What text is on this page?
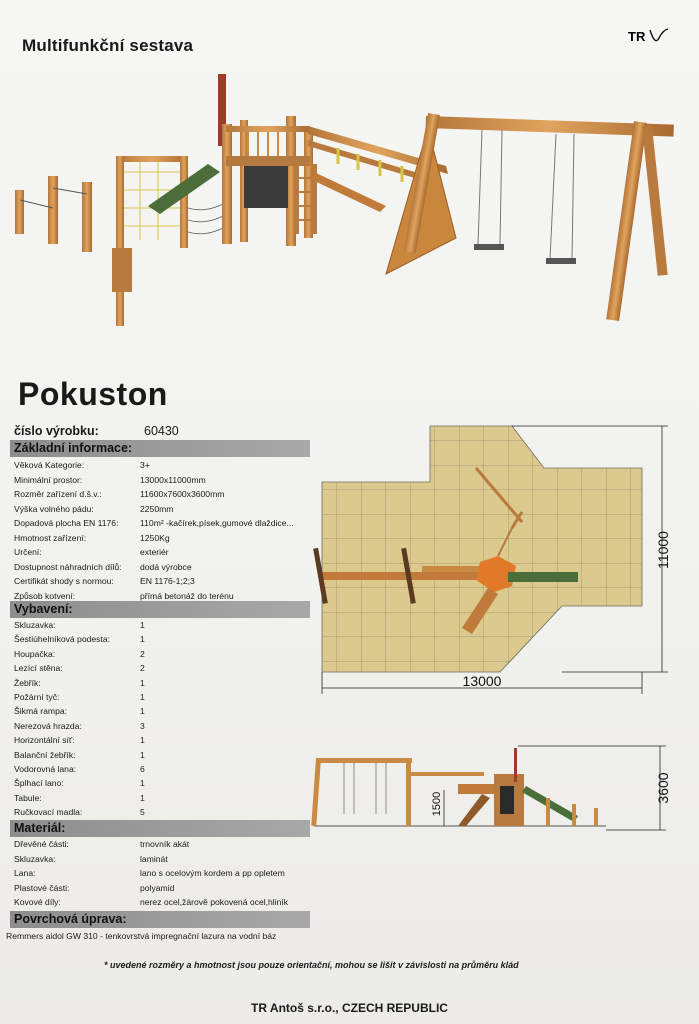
Multifunkční sestava	TR
Pokuston
číslo výrobku:	60430
Základní informace:
Věková Kategorie:	3+
Minimální prostor:	13000x11000mm
Rozměr zařízení d.š.v.:	11600x7600x3600mm
Výška volného pádu:	2250mm
Dopadová plocha EN 1176:	110m² -kačírek,písek,gumové dlaždice...
Hmotnost zařízení:	1250Kg
Určení:	exteriér
Dostupnost náhradních dílů: dodá výrobce
Certifikát shody s normou:	EN 1176-1;2;3
Způsob kotvení:	přímá betonáž do terénu
Vybavení:
Skluzavka:	1
Šestiúhelníková podesta:	1
Houpačka:	2
Lezící stěna:	2
Žebřík:	1
Požární tyč:	1
Šikmá rampa:	1
Nerezová hrazda:	3
Horizontální síť:	1
Balanční žebřík:	1
Vodorovná lana:	6
Šplhací lano:	1
Tabule:	1
Ručkovací madla:	5
Materiál:
Dřevěné části:	trnovník akát
Skluzavka:	laminát
Lana:	lano s ocelovým kordem a pp opletem
Plastové části:	polyamid
Kovové díly:	nerez ocel,žárově pokovená ocel,hliník
Povrchová úprava:
Remmers aidol GW 310 - tenkovrstvá impregnační lazura na vodní báz
13000
11000
1500
3600
* uvedené rozměry a hmotnost jsou pouze orientační, mohou se lišit v závislosti na průměru klád
TR Antoš s.r.o., CZECH REPUBLIC
